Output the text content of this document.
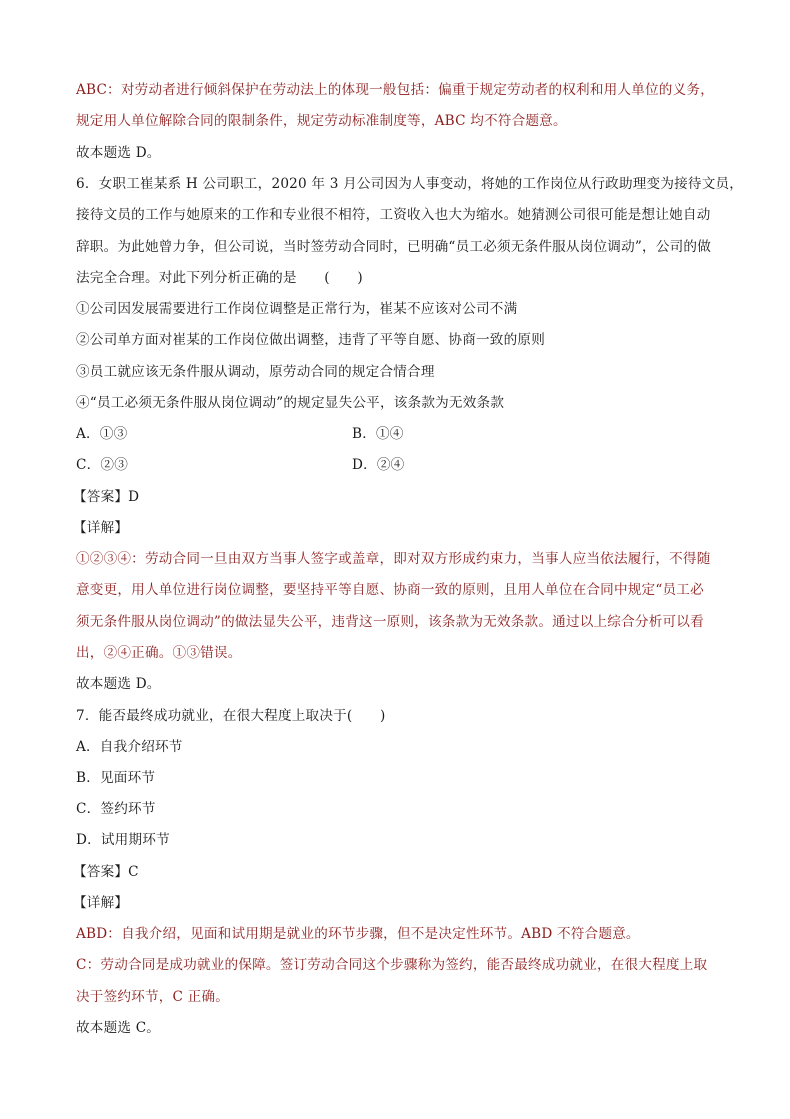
ABC：对劳动者进行倾斜保护在劳动法上的体现一般包括：偏重于规定劳动者的权利和用人单位的义务，
规定用人单位解除合同的限制条件，规定劳动标准制度等，ABC 均不符合题意。
故本题选 D。
6．女职工崔某系 H 公司职工，2020 年 3 月公司因为人事变动，将她的工作岗位从行政助理变为接待文员，
接待文员的工作与她原来的工作和专业很不相符，工资收入也大为缩水。她猜测公司很可能是想让她自动
辞职。为此她曾力争，但公司说，当时签劳动合同时，已明确“员工必须无条件服从岗位调动”，公司的做
法完全合理。对此下列分析正确的是　　(　　)
①公司因发展需要进行工作岗位调整是正常行为，崔某不应该对公司不满
②公司单方面对崔某的工作岗位做出调整，违背了平等自愿、协商一致的原则
③员工就应该无条件服从调动，原劳动合同的规定合情合理
④“员工必须无条件服从岗位调动”的规定显失公平，该条款为无效条款
A．①③	B．①④
C．②③	D．②④
【答案】D
【详解】
①②③④：劳动合同一旦由双方当事人签字或盖章，即对双方形成约束力，当事人应当依法履行，不得随
意变更，用人单位进行岗位调整，要坚持平等自愿、协商一致的原则，且用人单位在合同中规定“员工必
须无条件服从岗位调动”的做法显失公平，违背这一原则，该条款为无效条款。通过以上综合分析可以看
出，②④正确。①③错误。
故本题选 D。
7．能否最终成功就业，在很大程度上取决于(　　)
A．自我介绍环节
B．见面环节
C．签约环节
D．试用期环节
【答案】C
【详解】
ABD：自我介绍，见面和试用期是就业的环节步骤，但不是决定性环节。ABD 不符合题意。
C：劳动合同是成功就业的保障。签订劳动合同这个步骤称为签约，能否最终成功就业，在很大程度上取
决于签约环节，C 正确。
故本题选 C。
